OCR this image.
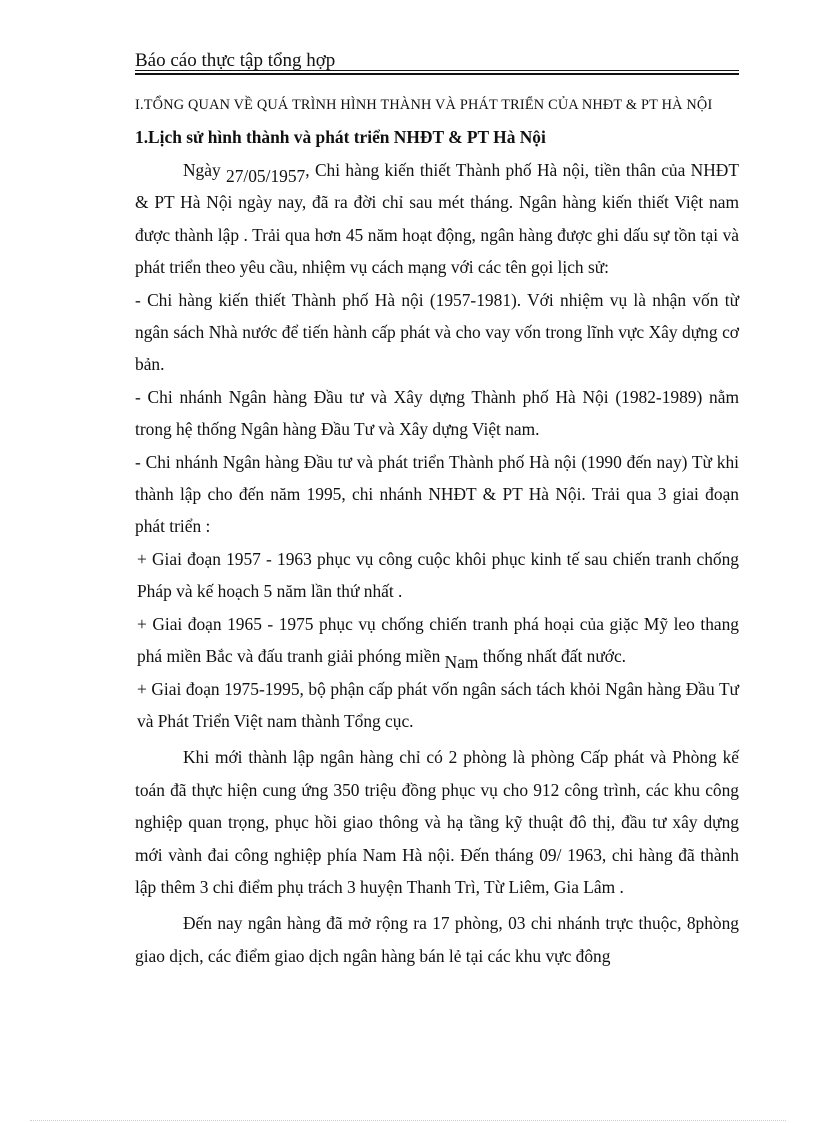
Báo cáo thực tập tổng hợp
I.TỔNG QUAN VỀ QUÁ TRÌNH HÌNH THÀNH VÀ PHÁT TRIỂN CỦA NHĐT & PT HÀ NỘI
1.Lịch sử hình thành và phát triển NHĐT & PT Hà Nội

Ngày 27/05/1957, Chi hàng kiến thiết Thành phố Hà nội, tiền thân của NHĐT & PT Hà Nội ngày nay, đã ra đời chỉ sau mét tháng. Ngân hàng kiến thiết Việt nam được thành lập . Trải qua hơn 45 năm hoạt động, ngân hàng được ghi dấu sự tồn tại và phát triển theo yêu cầu, nhiệm vụ cách mạng với các tên gọi lịch sử:

- Chi hàng kiến thiết Thành phố Hà nội (1957-1981). Với nhiệm vụ là nhận vốn từ ngân sách Nhà nước để tiến hành cấp phát và cho vay vốn trong lĩnh vực Xây dựng cơ bản.

- Chi nhánh Ngân hàng Đầu tư và Xây dựng Thành phố Hà Nội (1982-1989) nằm trong hệ thống Ngân hàng Đầu Tư và Xây dựng Việt nam.

- Chi nhánh Ngân hàng Đầu tư và phát triển Thành phố Hà nội (1990 đến nay) Từ khi thành lập cho đến năm 1995, chi nhánh NHĐT & PT Hà Nội. Trải qua 3 giai đoạn phát triển :

+ Giai đoạn 1957 - 1963 phục vụ công cuộc khôi phục kinh tế sau chiến tranh chống Pháp và kế hoạch 5 năm lần thứ nhất .

+ Giai đoạn 1965 - 1975 phục vụ chống chiến tranh phá hoại của giặc Mỹ leo thang phá miền Bắc và đấu tranh giải phóng miền Nam thống nhất đất nước.

+ Giai đoạn 1975-1995, bộ phận cấp phát vốn ngân sách tách khỏi Ngân hàng Đầu Tư và Phát Triển Việt nam thành Tổng cục.

Khi mới thành lập ngân hàng chỉ có 2 phòng là phòng Cấp phát và Phòng kế toán đã thực hiện cung ứng 350 triệu đồng phục vụ cho 912 công trình, các khu công nghiệp quan trọng, phục hồi giao thông và hạ tầng kỹ thuật đô thị, đầu tư xây dựng mới vành đai công nghiệp phía Nam Hà nội. Đến tháng 09/ 1963, chi hàng đã thành lập thêm 3 chi điểm phụ trách 3 huyện Thanh Trì, Từ Liêm, Gia Lâm .

Đến nay ngân hàng đã mở rộng ra 17 phòng, 03 chi nhánh trực thuộc, 8phòng giao dịch, các điểm giao dịch ngân hàng bán lẻ tại các khu vực đông
